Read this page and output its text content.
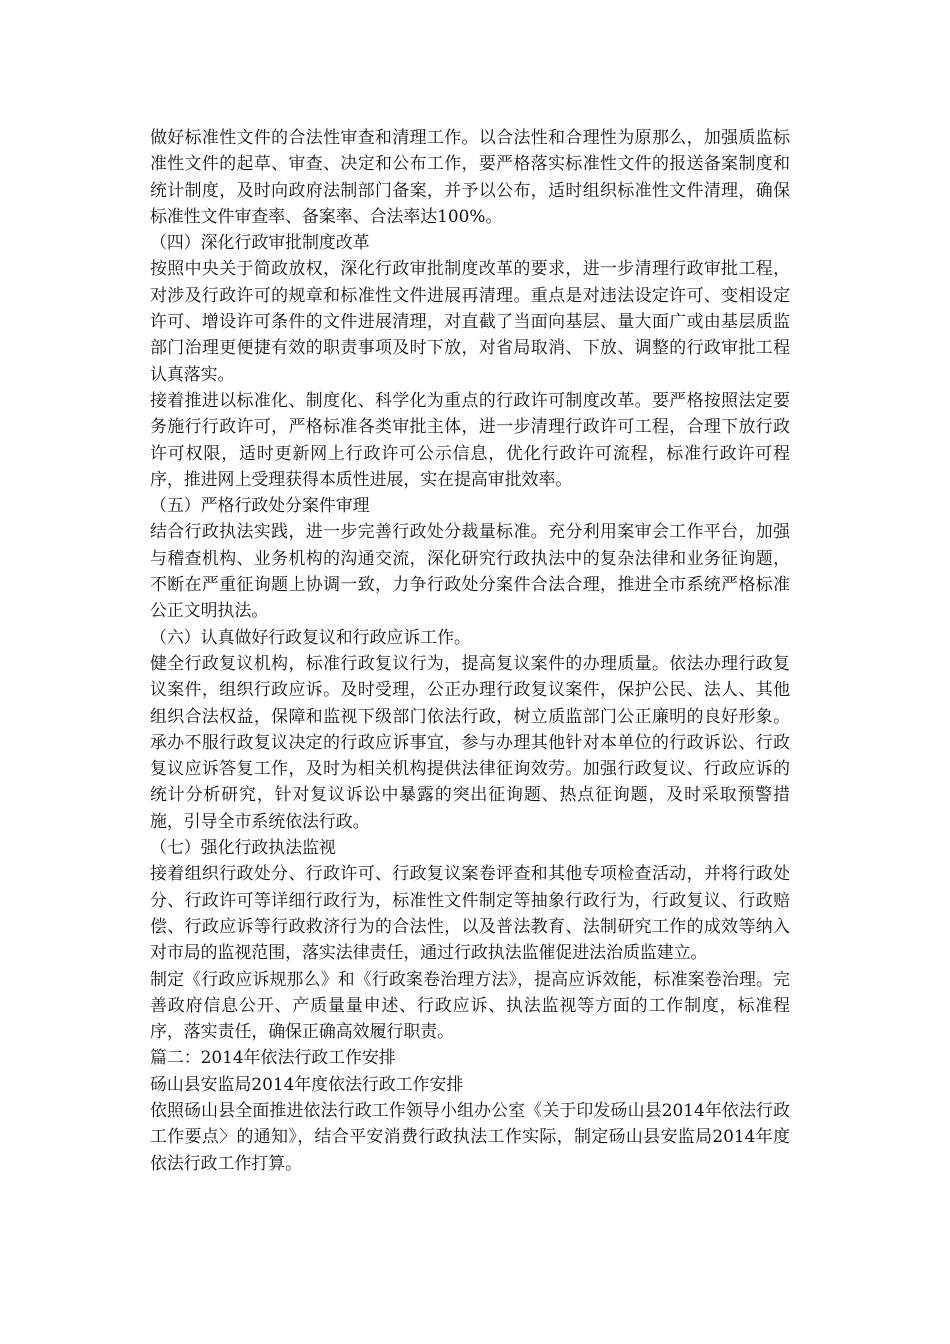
做好标准性文件的合法性审查和清理工作。以合法性和合理性为原那么，加强质监标准性文件的起草、审查、决定和公布工作，要严格落实标准性文件的报送备案制度和统计制度，及时向政府法制部门备案，并予以公布，适时组织标准性文件清理，确保标准性文件审查率、备案率、合法率达100%。

（四）深化行政审批制度改革

按照中央关于简政放权，深化行政审批制度改革的要求，进一步清理行政审批工程，对涉及行政许可的规章和标准性文件进展再清理。重点是对违法设定许可、变相设定许可、增设许可条件的文件进展清理，对直截了当面向基层、量大面广或由基层质监部门治理更便捷有效的职责事项及时下放，对省局取消、下放、调整的行政审批工程认真落实。

接着推进以标准化、制度化、科学化为重点的行政许可制度改革。要严格按照法定要务施行行政许可，严格标准各类审批主体，进一步清理行政许可工程，合理下放行政许可权限，适时更新网上行政许可公示信息，优化行政许可流程，标准行政许可程序，推进网上受理获得本质性进展，实在提高审批效率。

（五）严格行政处分案件审理

结合行政执法实践，进一步完善行政处分裁量标准。充分利用案审会工作平台，加强与稽查机构、业务机构的沟通交流，深化研究行政执法中的复杂法律和业务征询题，不断在严重征询题上协调一致，力争行政处分案件合法合理，推进全市系统严格标准公正文明执法。

（六）认真做好行政复议和行政应诉工作。

健全行政复议机构，标准行政复议行为，提高复议案件的办理质量。依法办理行政复议案件，组织行政应诉。及时受理，公正办理行政复议案件，保护公民、法人、其他组织合法权益，保障和监视下级部门依法行政，树立质监部门公正廉明的良好形象。承办不服行政复议决定的行政应诉事宜，参与办理其他针对本单位的行政诉讼、行政复议应诉答复工作，及时为相关机构提供法律征询效劳。加强行政复议、行政应诉的统计分析研究，针对复议诉讼中暴露的突出征询题、热点征询题，及时采取预警措施，引导全市系统依法行政。

（七）强化行政执法监视

接着组织行政处分、行政许可、行政复议案卷评查和其他专项检查活动，并将行政处分、行政许可等详细行政行为，标准性文件制定等抽象行政行为，行政复议、行政赔偿、行政应诉等行政救济行为的合法性，以及普法教育、法制研究工作的成效等纳入对市局的监视范围，落实法律责任，通过行政执法监催促进法治质监建立。

制定《行政应诉规那么》和《行政案卷治理方法》，提高应诉效能，标准案卷治理。完善政府信息公开、产质量量申述、行政应诉、执法监视等方面的工作制度，标准程序，落实责任，确保正确高效履行职责。

篇二：2014年依法行政工作安排

砀山县安监局2014年度依法行政工作安排

依照砀山县全面推进依法行政工作领导小组办公室《关于印发砀山县2014年依法行政工作要点〉的通知》，结合平安消费行政执法工作实际，制定砀山县安监局2014年度依法行政工作打算。
